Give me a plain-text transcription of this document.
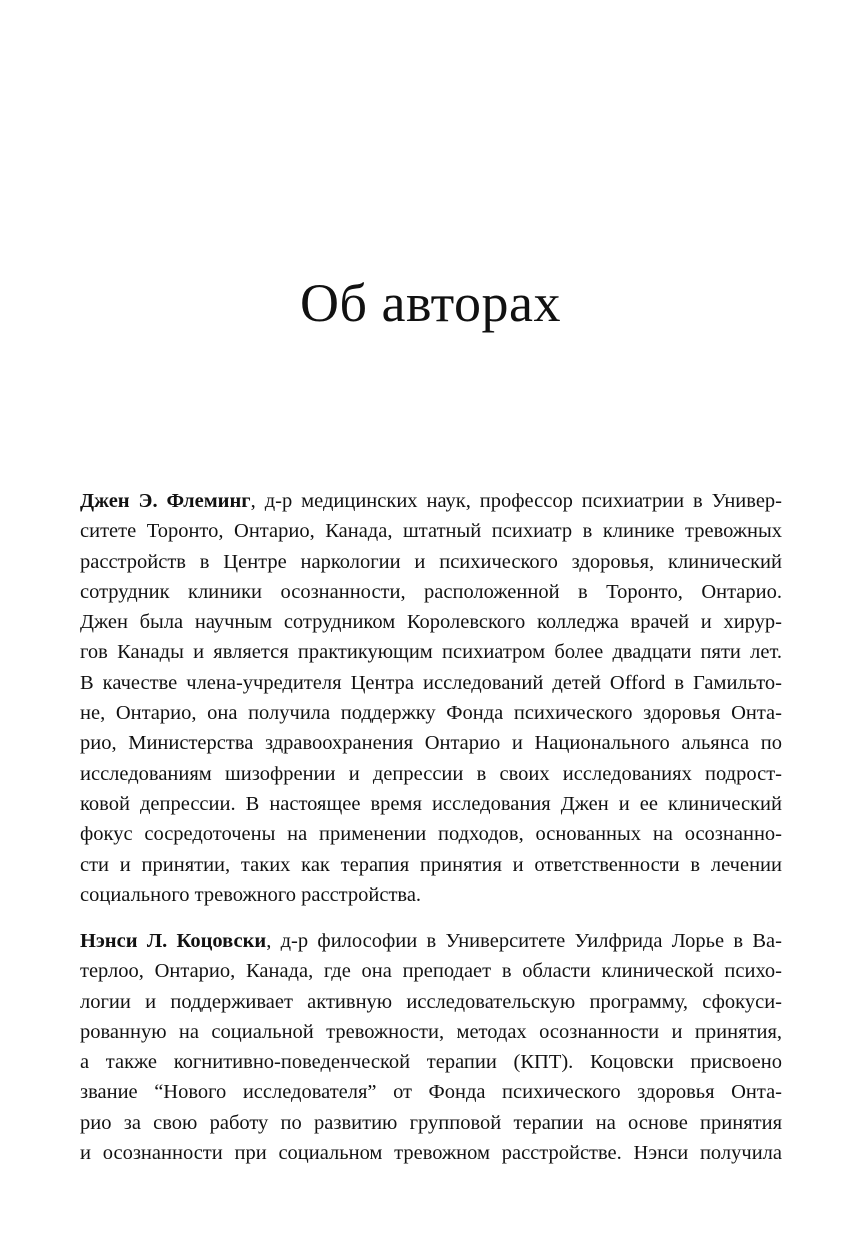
Об авторах
Джен Э. Флеминг, д-р медицинских наук, профессор психиатрии в Универ-
ситете Торонто, Онтарио, Канада, штатный психиатр в клинике тревожных
расстройств в Центре наркологии и психического здоровья, клинический
сотрудник клиники осознанности, расположенной в Торонто, Онтарио.
Джен была научным сотрудником Королевского колледжа врачей и хирур-
гов Канады и является практикующим психиатром более двадцати пяти лет.
В качестве члена-учредителя Центра исследований детей Offord в Гамильто-
не, Онтарио, она получила поддержку Фонда психического здоровья Онта-
рио, Министерства здравоохранения Онтарио и Национального альянса по
исследованиям шизофрении и депрессии в своих исследованиях подрост-
ковой депрессии. В настоящее время исследования Джен и ее клинический
фокус сосредоточены на применении подходов, основанных на осознанно-
сти и принятии, таких как терапия принятия и ответственности в лечении
социального тревожного расстройства.
Нэнси Л. Коцовски, д-р философии в Университете Уилфрида Лорье в Ва-
терлоо, Онтарио, Канада, где она преподает в области клинической психо-
логии и поддерживает активную исследовательскую программу, сфокуси-
рованную на социальной тревожности, методах осознанности и принятия,
а также когнитивно-поведенческой терапии (КПТ). Коцовски присвоено
звание “Нового исследователя” от Фонда психического здоровья Онта-
рио за свою работу по развитию групповой терапии на основе принятия
и осознанности при социальном тревожном расстройстве. Нэнси получила
